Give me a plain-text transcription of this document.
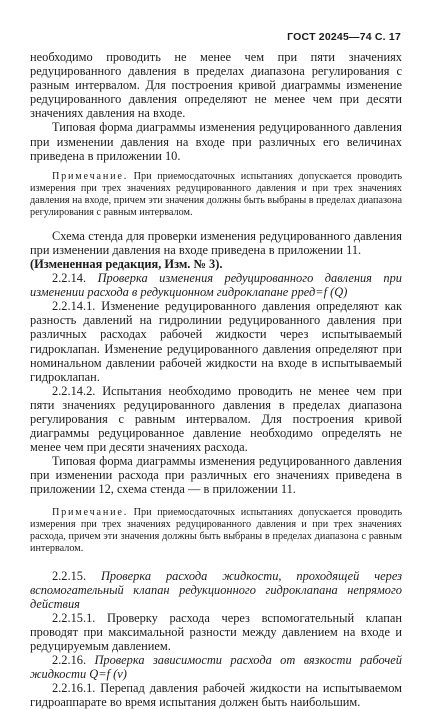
ГОСТ 20245—74 С. 17

необходимо проводить не менее чем при пяти значениях редуцированного давления в пределах диапазона регулирования с разным интервалом. Для построения кривой диаграммы изменение редуцированного давления определяют не менее чем при десяти значениях давления на входе.

Типовая форма диаграммы изменения редуцированного давления при изменении давления на входе при различных его величинах приведена в приложении 10.

Примечание. При приемосдаточных испытаниях допускается проводить измерения при трех значениях редуцированного давления и при трех значениях давления на входе, причем эти значения должны быть выбраны в пределах диапазона регулирования с равным интервалом.

Схема стенда для проверки изменения редуцированного давления при изменении давления на входе приведена в приложении 11.
(Измененная редакция, Изм. № 3).

2.2.14. Проверка изменения редуцированного давления при изменении расхода в редукционном гидроклапане pред=f (Q)

2.2.14.1. Изменение редуцированного давления определяют как разность давлений на гидролинии редуцированного давления при различных расходах рабочей жидкости через испытываемый гидроклапан. Изменение редуцированного давления определяют при номинальном давлении рабочей жидкости на входе в испытываемый гидроклапан.

2.2.14.2. Испытания необходимо проводить не менее чем при пяти значениях редуцированного давления в пределах диапазона регулирования с равным интервалом. Для построения кривой диаграммы редуцированное давление необходимо определять не менее чем при десяти значениях расхода.

Типовая форма диаграммы изменения редуцированного давления при изменении расхода при различных его значениях приведена в приложении 12, схема стенда — в приложении 11.

Примечание. При приемосдаточных испытаниях допускается проводить измерения при трех значениях редуцированного давления и при трех значениях расхода, причем эти значения должны быть выбраны в пределах диапазона с равным интервалом.

2.2.15. Проверка расхода жидкости, проходящей через вспомогательный клапан редукционного гидроклапана непрямого действия

2.2.15.1. Проверку расхода через вспомогательный клапан проводят при максимальной разности между давлением на входе и редуцируемым давлением.

2.2.16. Проверка зависимости расхода от вязкости рабочей жидкости Q=f (ν)

2.2.16.1. Перепад давления рабочей жидкости на испытываемом гидроаппарате во время испытания должен быть наибольшим.
